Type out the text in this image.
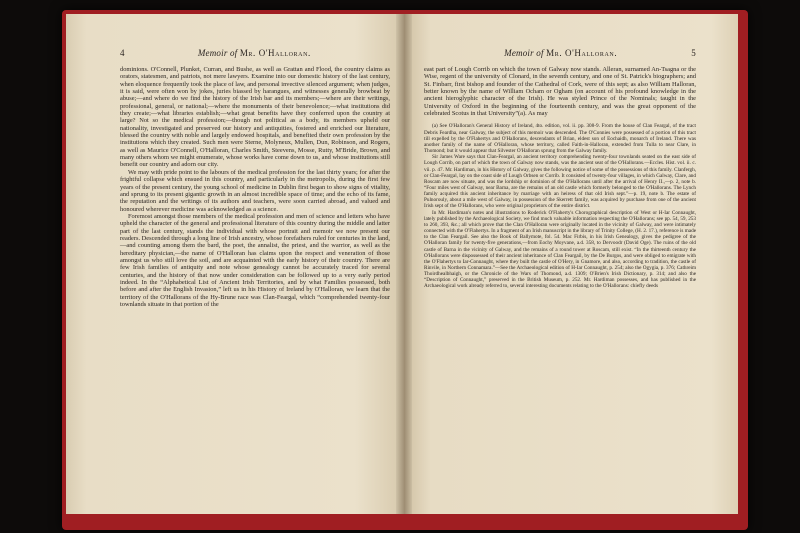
4	Memoir of Mr. O'Halloran.

dominions. O'Connell, Plunket, Curran, and Bushe, as well as Grattan and Flood, the country claims as orators, statesmen, and patriots, not mere lawyers. Examine into our domestic history of the last century, when eloquence frequently took the place of law, and personal invective silenced argument; when judges, it is said, were often won by jokes, juries biassed by harangues, and witnesses generally browbeat by abuse;—and where do we find the history of the Irish bar and its members;—where are their writings, professional, general, or national;—where the monuments of their benevolence;—what institutions did they create;—what libraries establish;—what great benefits have they conferred upon the country at large? Not so the medical profession;—though not political as a body, its members upheld our nationality, investigated and preserved our history and antiquities, fostered and enriched our literature, blessed the country with noble and largely endowed hospitals, and benefited their own profession by the institutions which they created. Such men were Sterne, Molyneux, Mullen, Dun, Robinson, and Rogers, as well as Maurice O'Connell, O'Halloran, Charles Smith, Steevens, Mosse, Rutty, M'Bride, Brown, and many others whom we might enumerate, whose works have come down to us, and whose institutions still benefit our country and adorn our city.

We may with pride point to the labours of the medical profession for the last thirty years; for after the frightful collapse which ensued in this country, and particularly in the metropolis, during the first few years of the present century, the young school of medicine in Dublin first began to show signs of vitality, and sprung to its present gigantic growth in an almost incredible space of time; and the echo of its fame, the reputation and the writings of its authors and teachers, were soon carried abroad, and valued and honoured wherever medicine was acknowledged as a science.

Foremost amongst those members of the medical profession and men of science and letters who have upheld the character of the general and professional literature of this country during the middle and latter part of the last century, stands the individual with whose portrait and memoir we now present our readers. Descended through a long line of Irish ancestry, whose forefathers ruled for centuries in the land,—and counting among them the bard, the poet, the annalist, the priest, and the warrior, as well as the hereditary physician,—the name of O'Halloran has claims upon the respect and veneration of those amongst us who still love the soil, and are acquainted with the early history of their country. There are few Irish families of antiquity and note whose genealogy cannot be accurately traced for several centuries, and the history of that now under consideration can be followed up to a very early period indeed. In the “Alphabetical List of Ancient Irish Territories, and by what Families possessed, both before and after the English Invasion,” left us in his History of Ireland by O'Halloran, we learn that the territory of the O'Hallorans of the Hy-Brune race was Clan-Feargal, which “comprehended twenty-four townlands situate in that portion of the

Memoir of Mr. O'Halloran.	5

east part of Lough Corrib on which the town of Galway now stands. Alleran, surnamed An-Tsagna or the Wise, regent of the university of Clonard, in the seventh century, and one of St. Patrick's biographers; and St. Finbarr, first bishop and founder of the Cathedral of Cork, were of this sept; as also William Halloran, better known by the name of William Ocham or Ogham (on account of his profound knowledge in the ancient hieroglyphic character of the Irish). He was styled Prince of the Nominals; taught in the University of Oxford in the beginning of the fourteenth century, and was the great opponent of the celebrated Scotus in that University”(a). As may

(a) See O'Halloran's General History of Ireland, 4to. edition, vol. ii. pp. 308-9. From the house of Clan Feargal, of the tract Debris Feardha, near Galway, the subject of this memoir was descended. The O'Connies were possessed of a portion of this tract till expelled by the O'Flahertys and O'Hallorans, descendants of Brian, eldest son of Eochaidh, monarch of Ireland. There was another family of the name of O'Halloran, whose territory, called Faith-in-Halloran, extended from Tulla to near Clare, in Thomond; but it would appear that Silvester O'Halloran sprung from the Galway family.

Sir James Ware says that Clan-Feargal, an ancient territory comprehending twenty-four townlands seated on the east side of Lough Corrib, on part of which the town of Galway now stands, was the ancient seat of the O'Hallorans.—Eccles. Hist. vol. ii. c. vii. p. 47. Mr. Hardiman, in his History of Galway, gives the following notice of some of the possessions of this family. Clanfergh, or Clan-Feargal, lay on the coast side of Lough Orbsen or Corrib. It consisted of twenty-four villages, in which Galway, Clare, and Roscam are now situate, and was the lordship or dominion of the O'Hallorans until after the arrival of Henry II.,—p. 2, note b. “Four miles west of Galway, near Barna, are the remains of an old castle which formerly belonged to the O'Hallorans. The Lynch family acquired this ancient inheritance by marriage with an heiress of that old Irish sept.”—p. 19, note b. The estate of Pulnorouly, about a mile west of Galway, in possession of the Skerrett family, was acquired by purchase from one of the ancient Irish sept of the O'Hallorans, who were original proprietors of the entire district.

In Mr. Hardiman's notes and illustrations to Roderick O'Flaherty's Chorographical description of West or H-Iar Connaught, lately published by the Archaeological Society, we find much valuable information respecting the O'Hallorans; see pp. 54, 59, 253 to 260, 393, &c.; all which prove that the Clan O'Halloran were originally located in the vicinity of Galway, and were intimately connected with the O'Flahertys. In a fragment of an Irish manuscript in the library of Trinity College, (H. 2. 17.), reference is made to the Clan Feargail. See also the Book of Ballymote, fol. 54. Mac Firbis, in his Irish Genealogy, gives the pedigree of the O'Halloran family for twenty-five generations,—from Eochy Moyvane, a.d. 358, to Dervoodr (David Oge). The ruins of the old castle of Barna in the vicinity of Galway, and the remains of a round tower at Roscam, still exist. “In the thirteenth century the O'Hallorans were dispossessed of their ancient inheritance of Clan Feargail, by the De Burgos, and were obliged to emigrate with the O'Flahertys to Iar-Connaught, where they built the castle of O'Hery, in Gnamore, and also, according to tradition, the castle of Rinvile, in Northern Connamara.”—See the Archaeological edition of H-Iar Connaught, p. 254; also the Ogygia, p. 376; Cathreim Thoirdhealbhaigh, or the Chronicle of the Wars of Thomond, a.d. 1309; O'Brien's Irish Dictionary, p. 314; and also the “Description of Connaught,” preserved in the British Museum, p. 252. Mr. Hardiman possesses, and has published in the Archaeological work already referred to, several interesting documents relating to the O'Hallorans: chiefly deeds
